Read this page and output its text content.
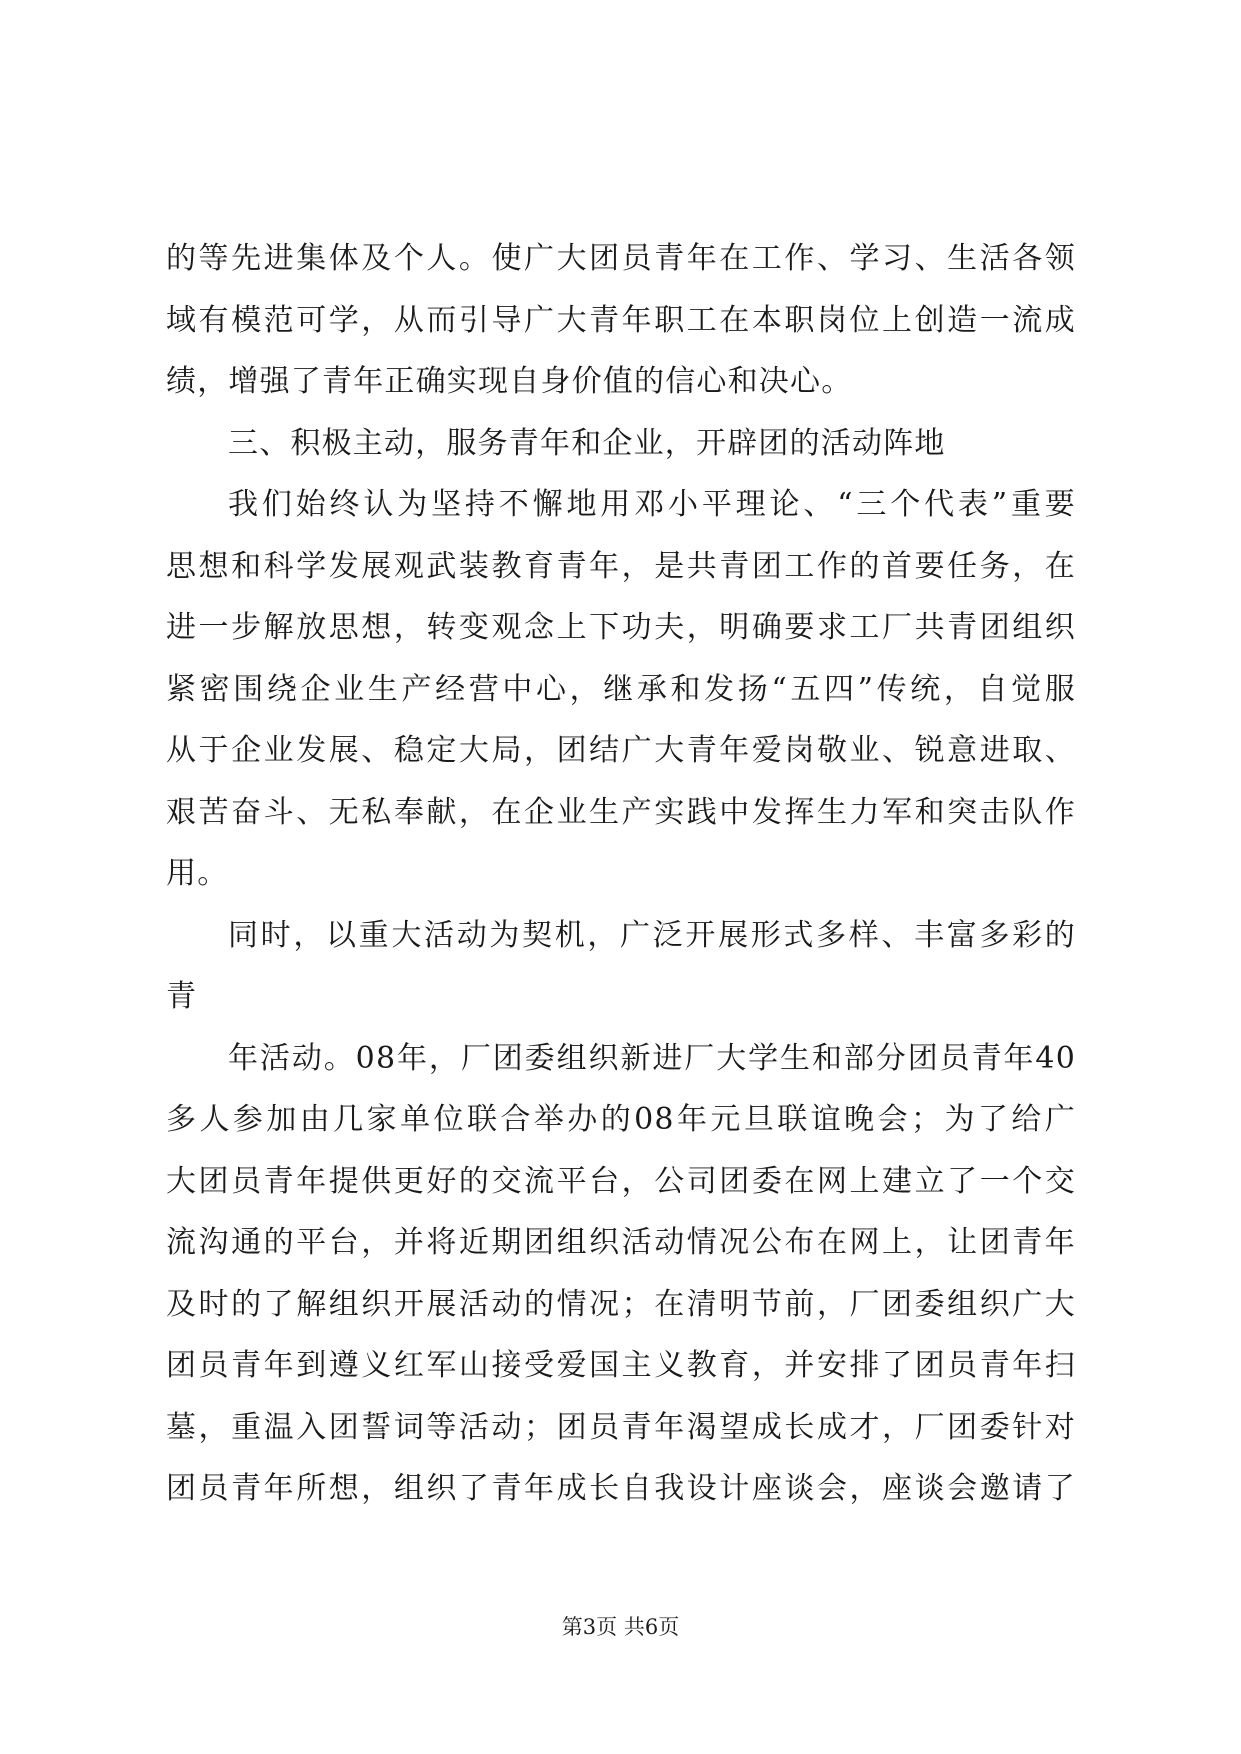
的等先进集体及个人。使广大团员青年在工作、学习、生活各领
域有模范可学，从而引导广大青年职工在本职岗位上创造一流成
绩，增强了青年正确实现自身价值的信心和决心。
三、积极主动，服务青年和企业，开辟团的活动阵地
我们始终认为坚持不懈地用邓小平理论、“三个代表”重要
思想和科学发展观武装教育青年，是共青团工作的首要任务，在
进一步解放思想，转变观念上下功夫，明确要求工厂共青团组织
紧密围绕企业生产经营中心，继承和发扬“五四”传统，自觉服
从于企业发展、稳定大局，团结广大青年爱岗敬业、锐意进取、
艰苦奋斗、无私奉献，在企业生产实践中发挥生力军和突击队作
用。
同时，以重大活动为契机，广泛开展形式多样、丰富多彩的
青
年活动。08年，厂团委组织新进厂大学生和部分团员青年40
多人参加由几家单位联合举办的08年元旦联谊晚会；为了给广
大团员青年提供更好的交流平台，公司团委在网上建立了一个交
流沟通的平台，并将近期团组织活动情况公布在网上，让团青年
及时的了解组织开展活动的情况；在清明节前，厂团委组织广大
团员青年到遵义红军山接受爱国主义教育，并安排了团员青年扫
墓，重温入团誓词等活动；团员青年渴望成长成才，厂团委针对
团员青年所想，组织了青年成长自我设计座谈会，座谈会邀请了
第3页 共6页
